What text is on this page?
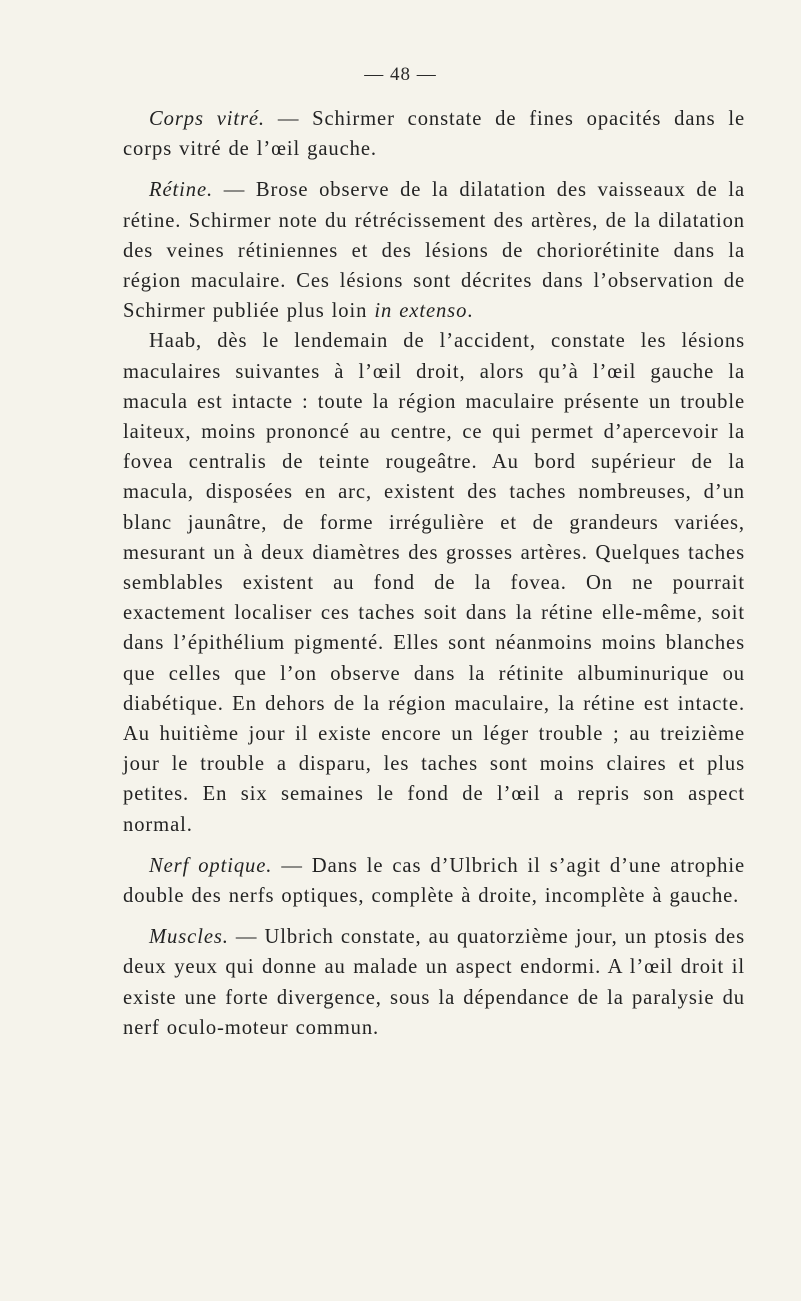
— 48 —

Corps vitré. — Schirmer constate de fines opacités dans le corps vitré de l’œil gauche.

Rétine. — Brose observe de la dilatation des vaisseaux de la rétine. Schirmer note du rétrécissement des artères, de la dilatation des veines rétiniennes et des lésions de choriorétinite dans la région maculaire. Ces lésions sont décrites dans l’observation de Schirmer publiée plus loin in extenso.

Haab, dès le lendemain de l’accident, constate les lésions maculaires suivantes à l’œil droit, alors qu’à l’œil gauche la macula est intacte : toute la région maculaire présente un trouble laiteux, moins prononcé au centre, ce qui permet d’apercevoir la fovea centralis de teinte rougeâtre. Au bord supérieur de la macula, disposées en arc, existent des taches nombreuses, d’un blanc jaunâtre, de forme irrégulière et de grandeurs variées, mesurant un à deux diamètres des grosses artères. Quelques taches semblables existent au fond de la fovea. On ne pourrait exactement localiser ces taches soit dans la rétine elle-même, soit dans l’épithélium pigmenté. Elles sont néanmoins moins blanches que celles que l’on observe dans la rétinite albuminurique ou diabétique. En dehors de la région maculaire, la rétine est intacte. Au huitième jour il existe encore un léger trouble ; au treizième jour le trouble a disparu, les taches sont moins claires et plus petites. En six semaines le fond de l’œil a repris son aspect normal.

Nerf optique. — Dans le cas d’Ulbrich il s’agit d’une atrophie double des nerfs optiques, complète à droite, incomplète à gauche.

Muscles. — Ulbrich constate, au quatorzième jour, un ptosis des deux yeux qui donne au malade un aspect endormi. A l’œil droit il existe une forte divergence, sous la dépendance de la paralysie du nerf oculo-moteur commun.
